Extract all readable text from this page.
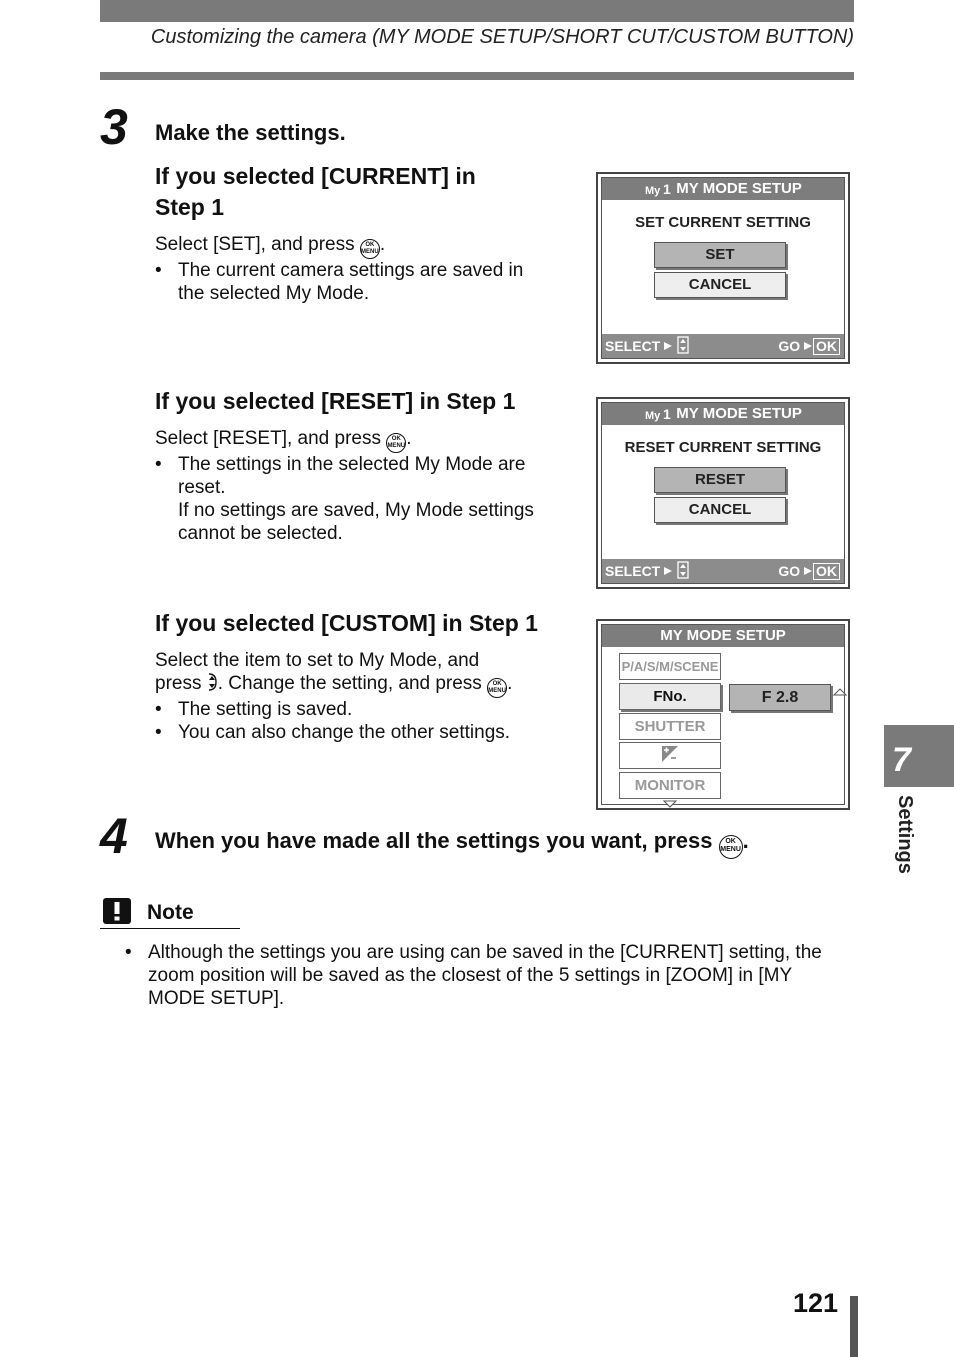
Customizing the camera (MY MODE SETUP/SHORT CUT/CUSTOM BUTTON)
3 Make the settings.
If you selected [CURRENT] in
Step 1
Select [SET], and press OK
MENU.
• The current camera settings are saved in the selected My Mode.
My 1 MY MODE SETUP
SET CURRENT SETTING
SET
CANCEL
SELECT	GO OK
If you selected [RESET] in Step 1
Select [RESET], and press OK
MENU.
• The settings in the selected My Mode are reset.
If no settings are saved, My Mode settings cannot be selected.
My 1 MY MODE SETUP
RESET CURRENT SETTING
RESET
CANCEL
SELECT	GO OK
If you selected [CUSTOM] in Step 1
Select the item to set to My Mode, and
press . Change the setting, and press OK
MENU.
• The setting is saved.
• You can also change the other settings.
MY MODE SETUP
P/A/S/M/SCENE
FNo.
SHUTTER
MONITOR
F 2.8
4 When you have made all the settings you want, press OK
MENU.
Note
• Although the settings you are using can be saved in the [CURRENT] setting, the zoom position will be saved as the closest of the 5 settings in [ZOOM] in [MY MODE SETUP].
7
Settings
121
